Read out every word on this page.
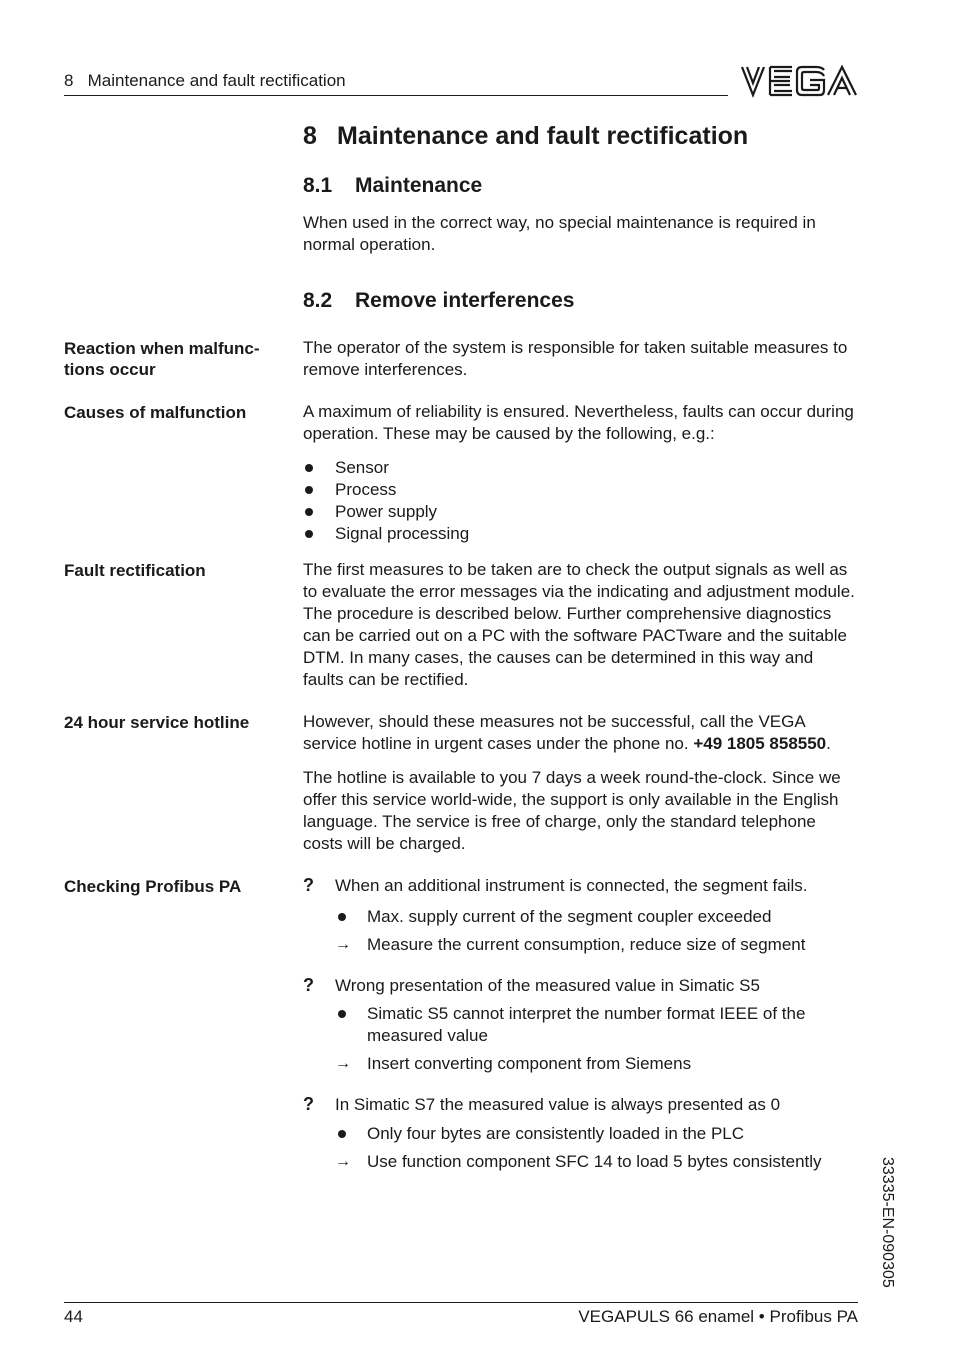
8   Maintenance and fault rectification
8 Maintenance and fault rectification
8.1 Maintenance
When used in the correct way, no special maintenance is required in normal operation.
8.2 Remove interferences
Reaction when malfunc-
tions occur
The operator of the system is responsible for taken suitable measures to remove interferences.
Causes of malfunction	A maximum of reliability is ensured. Nevertheless, faults can occur during operation. These may be caused by the following, e.g.:
Sensor
Process
Power supply
Signal processing
Fault rectification	The first measures to be taken are to check the output signals as well as to evaluate the error messages via the indicating and adjustment module. The procedure is described below. Further comprehensive diagnostics can be carried out on a PC with the software PACTware and the suitable DTM. In many cases, the causes can be determined in this way and faults can be rectified.
24 hour service hotline	However, should these measures not be successful, call the VEGA service hotline in urgent cases under the phone no. +49 1805 858550.
The hotline is available to you 7 days a week round-the-clock. Since we offer this service world-wide, the support is only available in the English language. The service is free of charge, only the standard telephone costs will be charged.
Checking Profibus PA	? When an additional instrument is connected, the segment fails.
Max. supply current of the segment coupler exceeded
→ Measure the current consumption, reduce size of segment
? Wrong presentation of the measured value in Simatic S5
Simatic S5 cannot interpret the number format IEEE of the measured value
→ Insert converting component from Siemens
? In Simatic S7 the measured value is always presented as 0
Only four bytes are consistently loaded in the PLC
→ Use function component SFC 14 to load 5 bytes consistently	33335-EN-090305
44	VEGAPULS 66 enamel • Profibus PA
